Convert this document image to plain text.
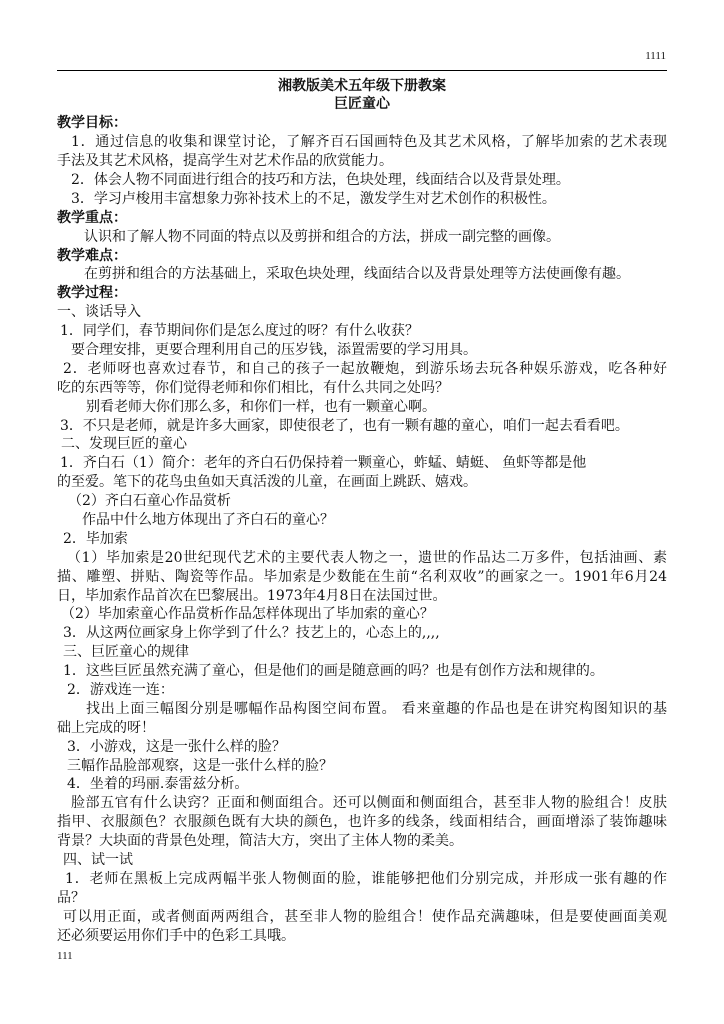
1111
湘教版美术五年级下册教案
巨匠童心
教学目标：
1．通过信息的收集和课堂讨论，了解齐百石国画特色及其艺术风格，了解毕加索的艺术表现
手法及其艺术风格，提高学生对艺术作品的欣赏能力。
2．体会人物不同面进行组合的技巧和方法，色块处理，线面结合以及背景处理。
3．学习卢梭用丰富想象力弥补技术上的不足，激发学生对艺术创作的积极性。
教学重点：
认识和了解人物不同面的特点以及剪拼和组合的方法，拼成一副完整的画像。
教学难点：
在剪拼和组合的方法基础上，采取色块处理，线面结合以及背景处理等方法使画像有趣。
教学过程：
一、谈话导入
1．同学们，春节期间你们是怎么度过的呀？有什么收获？
要合理安排，更要合理利用自己的压岁钱，添置需要的学习用具。
2．老师呀也喜欢过春节，和自己的孩子一起放鞭炮，到游乐场去玩各种娱乐游戏，吃各种好
吃的东西等等，你们觉得老师和你们相比，有什么共同之处吗？
别看老师大你们那么多，和你们一样，也有一颗童心啊。
3．不只是老师，就是许多大画家，即使很老了，也有一颗有趣的童心，咱们一起去看看吧。
二、发现巨匠的童心
1．齐白石（1）简介：老年的齐白石仍保持着一颗童心，蚱蜢、蜻蜓、 鱼虾等都是他
的至爱。笔下的花鸟虫鱼如天真活泼的儿童，在画面上跳跃、嬉戏。
（2）齐白石童心作品赏析
作品中什么地方体现出了齐白石的童心？
2．毕加索
（1）毕加索是20世纪现代艺术的主要代表人物之一，遗世的作品达二万多件，包括油画、素
描、雕塑、拼贴、陶瓷等作品。毕加索是少数能在生前“名利双收”的画家之一。1901年6月24
日，毕加索作品首次在巴黎展出。1973年4月8日在法国过世。
（2）毕加索童心作品赏析作品怎样体现出了毕加索的童心？
3．从这两位画家身上你学到了什么？技艺上的，心态上的,,,,
三、巨匠童心的规律
1．这些巨匠虽然充满了童心，但是他们的画是随意画的吗？也是有创作方法和规律的。
2．游戏连一连：
找出上面三幅图分别是哪幅作品构图空间布置。 看来童趣的作品也是在讲究构图知识的基
础上完成的呀！
3．小游戏，这是一张什么样的脸？
三幅作品脸部观察，这是一张什么样的脸？
4．坐着的玛丽.泰雷兹分析。
脸部五官有什么诀窍？正面和侧面组合。还可以侧面和侧面组合，甚至非人物的脸组合！皮肤
指甲、衣服颜色？衣服颜色既有大块的颜色，也许多的线条，线面相结合，画面增添了装饰趣味
背景？大块面的背景色处理，简洁大方，突出了主体人物的柔美。
四、试一试
1．老师在黑板上完成两幅半张人物侧面的脸，谁能够把他们分别完成，并形成一张有趣的作
品？
可以用正面，或者侧面两两组合，甚至非人物的脸组合！使作品充满趣味，但是要使画面美观
还必须要运用你们手中的色彩工具哦。
111
